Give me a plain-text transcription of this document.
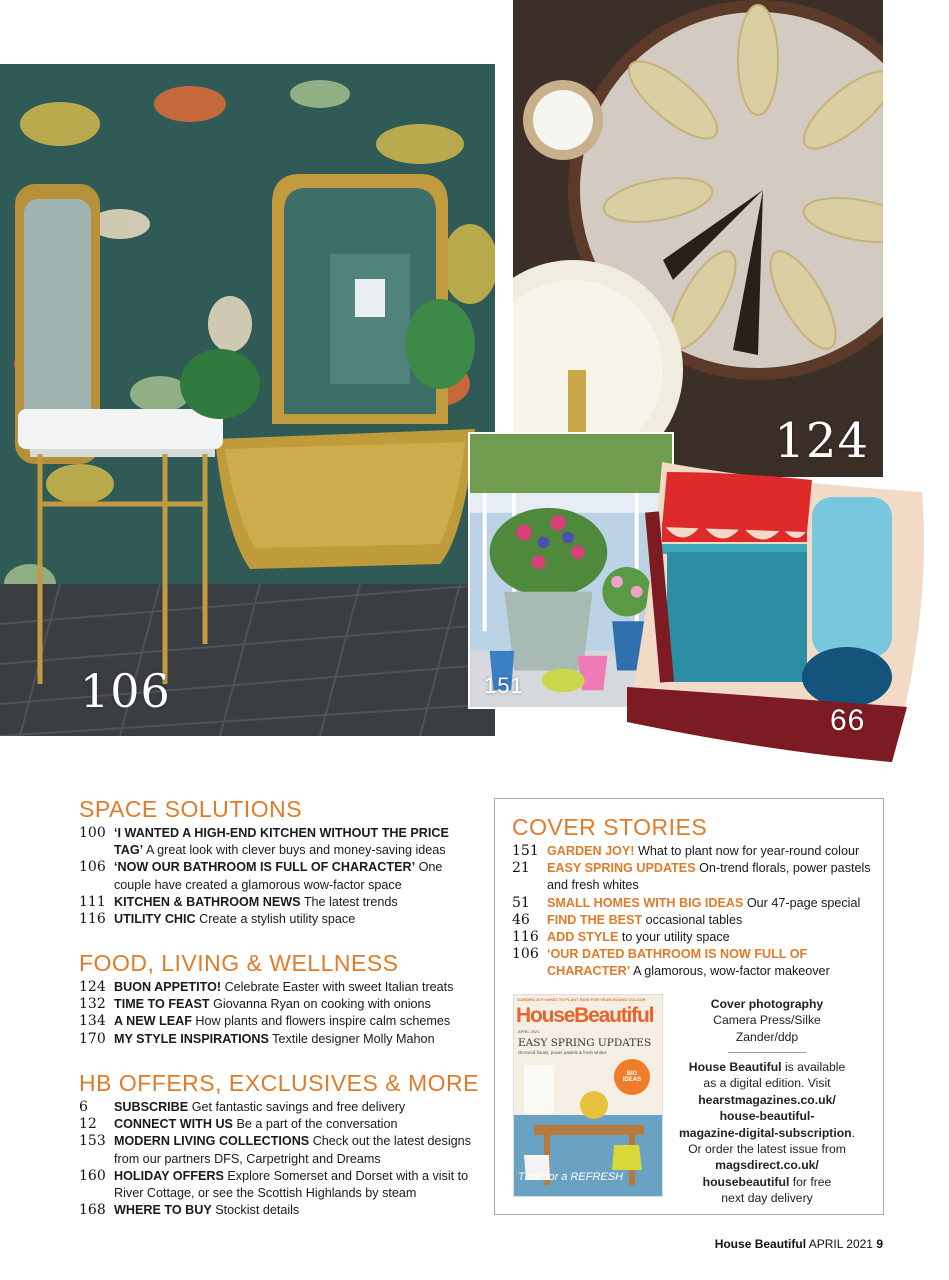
106
124
151
66
SPACE SOLUTIONS
100 ‘I WANTED A HIGH-END KITCHEN WITHOUT THE PRICE TAG’ A great look with clever buys and money-saving ideas
106 ‘NOW OUR BATHROOM IS FULL OF CHARACTER’ One couple have created a glamorous wow-factor space
111 KITCHEN & BATHROOM NEWS The latest trends
116 UTILITY CHIC Create a stylish utility space
FOOD, LIVING & WELLNESS
124 BUON APPETITO! Celebrate Easter with sweet Italian treats
132 TIME TO FEAST Giovanna Ryan on cooking with onions
134 A NEW LEAF How plants and flowers inspire calm schemes
170 MY STYLE INSPIRATIONS Textile designer Molly Mahon
HB OFFERS, EXCLUSIVES & MORE
6	SUBSCRIBE Get fantastic savings and free delivery
12	CONNECT WITH US Be a part of the conversation
153 MODERN LIVING COLLECTIONS Check out the latest designs from our partners DFS, Carpetright and Dreams
160 HOLIDAY OFFERS Explore Somerset and Dorset with a visit to River Cottage, or see the Scottish Highlands by steam
168 WHERE TO BUY Stockist details
COVER STORIES
151 GARDEN JOY! What to plant now for year-round colour
21	EASY SPRING UPDATES On-trend florals, power pastels and fresh whites
51	SMALL HOMES WITH BIG IDEAS Our 47-page special
46	FIND THE BEST occasional tables
116 ADD STYLE to your utility space
106 ‘OUR DATED BATHROOM IS NOW FULL OF CHARACTER’ A glamorous, wow-factor makeover
GARDEN JOY! WHAT TO PLANT NOW FOR YEAR-ROUND COLOUR
HouseBeautiful
APRIL 2021
EASY SPRING UPDATES
On-trend florals, power pastels & fresh whites
BIG IDEAS
Time for a REFRESH
Cover photography
Camera Press/Silke
Zander/ddp
House Beautiful is available
as a digital edition. Visit
hearstmagazines.co.uk/
house-beautiful-
magazine-digital-subscription. Or order the latest issue from
magsdirect.co.uk/
housebeautiful for free
next day delivery
House Beautiful APRIL 2021 9
